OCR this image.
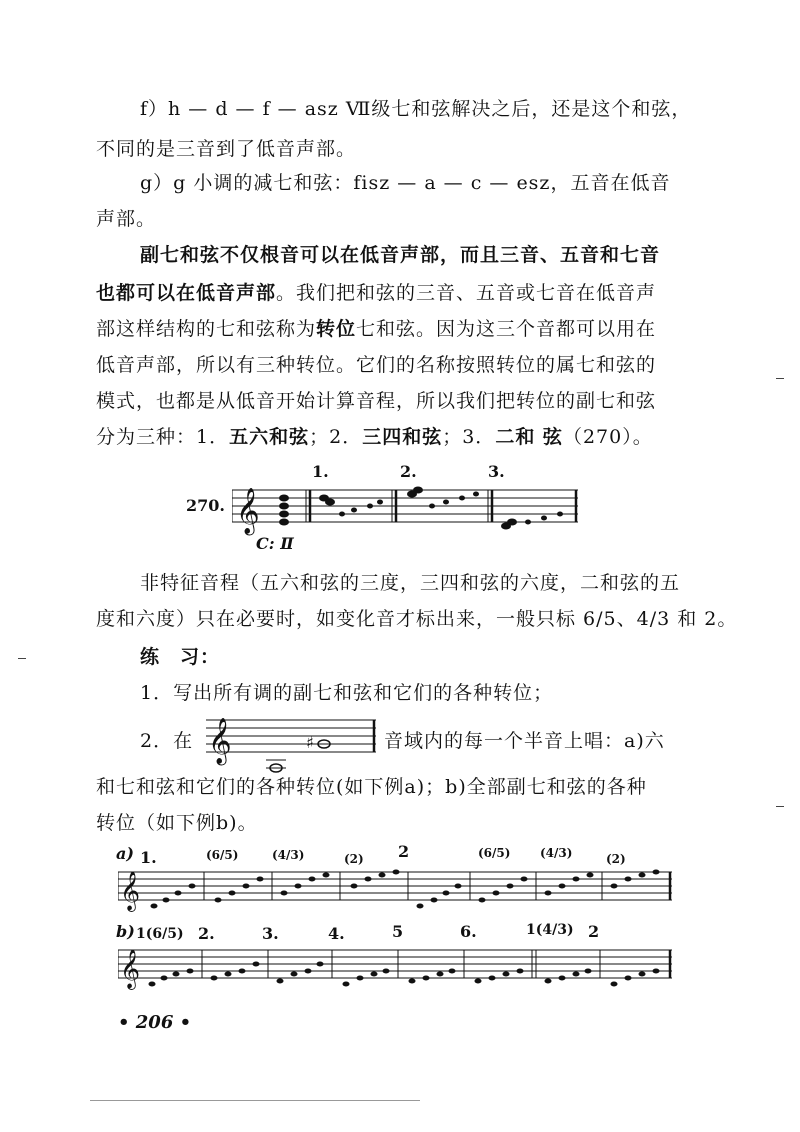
f）h — d — f — asz Ⅶ级七和弦解决之后，还是这个和弦，
不同的是三音到了低音声部。
g）g 小调的减七和弦：fisz — a — c — esz，五音在低音
声部。
副七和弦不仅根音可以在低音声部，而且三音、五音和七音
也都可以在低音声部。我们把和弦的三音、五音或七音在低音声
部这样结构的七和弦称为转位七和弦。因为这三个音都可以用在
低音声部，所以有三种转位。它们的名称按照转位的属七和弦的
模式，也都是从低音开始计算音程，所以我们把转位的副七和弦
分为三种：1．五六和弦；2．三四和弦；3．二和 弦（270）。
270.
C: Ⅱ
1.	2.	3.
𝄞
非特征音程（五六和弦的三度，三四和弦的六度，二和弦的五
度和六度）只在必要时，如变化音才标出来，一般只标 6/5、4/3 和 2。
练　习：
1．写出所有调的副七和弦和它们的各种转位；
2．在 𝄞	♯	音域内的每一个半音上唱：a)六
和七和弦和它们的各种转位(如下例a)；b)全部副七和弦的各种
转位（如下例b)。
a) 1.	(6/5)	(4/3)	(2) 2	(6/5) (4/3)	(2)
𝄞
b) 1(6/5) 2.	3.	4.	5	6.	1(4/3) 2
𝄞
• 206 •
